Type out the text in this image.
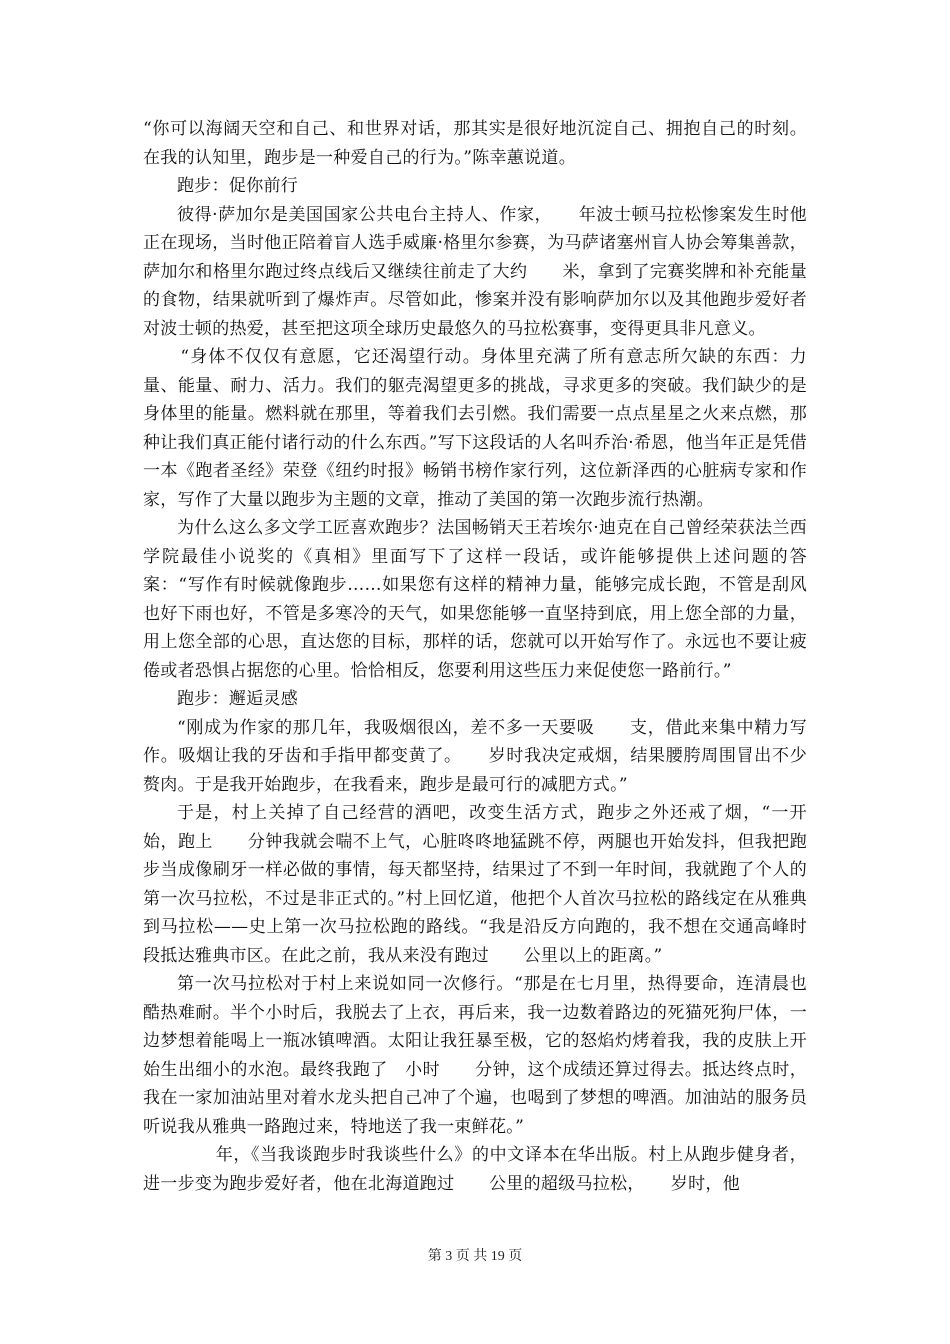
“你可以海阔天空和自己、和世界对话，那其实是很好地沉淀自己、拥抱自己的时刻。在我的认知里，跑步是一种爱自己的行为。”陈幸蕙说道。

跑步：促你前行

彼得·萨加尔是美国国家公共电台主持人、作家，　　年波士顿马拉松惨案发生时他正在现场，当时他正陪着盲人选手威廉·格里尔参赛，为马萨诸塞州盲人协会筹集善款，萨加尔和格里尔跑过终点线后又继续往前走了大约　　米，拿到了完赛奖牌和补充能量的食物，结果就听到了爆炸声。尽管如此，惨案并没有影响萨加尔以及其他跑步爱好者对波士顿的热爱，甚至把这项全球历史最悠久的马拉松赛事，变得更具非凡意义。

“身体不仅仅有意愿，它还渴望行动。身体里充满了所有意志所欠缺的东西：力量、能量、耐力、活力。我们的躯壳渴望更多的挑战，寻求更多的突破。我们缺少的是身体里的能量。燃料就在那里，等着我们去引燃。我们需要一点点星星之火来点燃，那种让我们真正能付诸行动的什么东西。”写下这段话的人名叫乔治·希恩，他当年正是凭借一本《跑者圣经》荣登《纽约时报》畅销书榜作家行列，这位新泽西的心脏病专家和作家，写作了大量以跑步为主题的文章，推动了美国的第一次跑步流行热潮。

为什么这么多文学工匠喜欢跑步？法国畅销天王若埃尔·迪克在自己曾经荣获法兰西学院最佳小说奖的《真相》里面写下了这样一段话，或许能够提供上述问题的答案：“写作有时候就像跑步……如果您有这样的精神力量，能够完成长跑，不管是刮风也好下雨也好，不管是多寒冷的天气，如果您能够一直坚持到底，用上您全部的力量，用上您全部的心思，直达您的目标，那样的话，您就可以开始写作了。永远也不要让疲倦或者恐惧占据您的心里。恰恰相反，您要利用这些压力来促使您一路前行。”

跑步：邂逅灵感

“刚成为作家的那几年，我吸烟很凶，差不多一天要吸　　支，借此来集中精力写作。吸烟让我的牙齿和手指甲都变黄了。　　岁时我决定戒烟，结果腰胯周围冒出不少赘肉。于是我开始跑步，在我看来，跑步是最可行的减肥方式。”

于是，村上关掉了自己经营的酒吧，改变生活方式，跑步之外还戒了烟，“一开始，跑上　　分钟我就会喘不上气，心脏咚咚地猛跳不停，两腿也开始发抖，但我把跑步当成像刷牙一样必做的事情，每天都坚持，结果过了不到一年时间，我就跑了个人的第一次马拉松，不过是非正式的。”村上回忆道，他把个人首次马拉松的路线定在从雅典到马拉松——史上第一次马拉松跑的路线。“我是沿反方向跑的，我不想在交通高峰时段抵达雅典市区。在此之前，我从来没有跑过　　公里以上的距离。”

第一次马拉松对于村上来说如同一次修行。“那是在七月里，热得要命，连清晨也酷热难耐。半个小时后，我脱去了上衣，再后来，我一边数着路边的死猫死狗尸体，一边梦想着能喝上一瓶冰镇啤酒。太阳让我狂暴至极，它的怒焰灼烤着我，我的皮肤上开始生出细小的水泡。最终我跑了　小时　　分钟，这个成绩还算过得去。抵达终点时，我在一家加油站里对着水龙头把自己冲了个遍，也喝到了梦想的啤酒。加油站的服务员听说我从雅典一路跑过来，特地送了我一束鲜花。”

　　年，《当我谈跑步时我谈些什么》的中文译本在华出版。村上从跑步健身者，进一步变为跑步爱好者，他在北海道跑过　　公里的超级马拉松，　　岁时，他

第 3 页 共 19 页
